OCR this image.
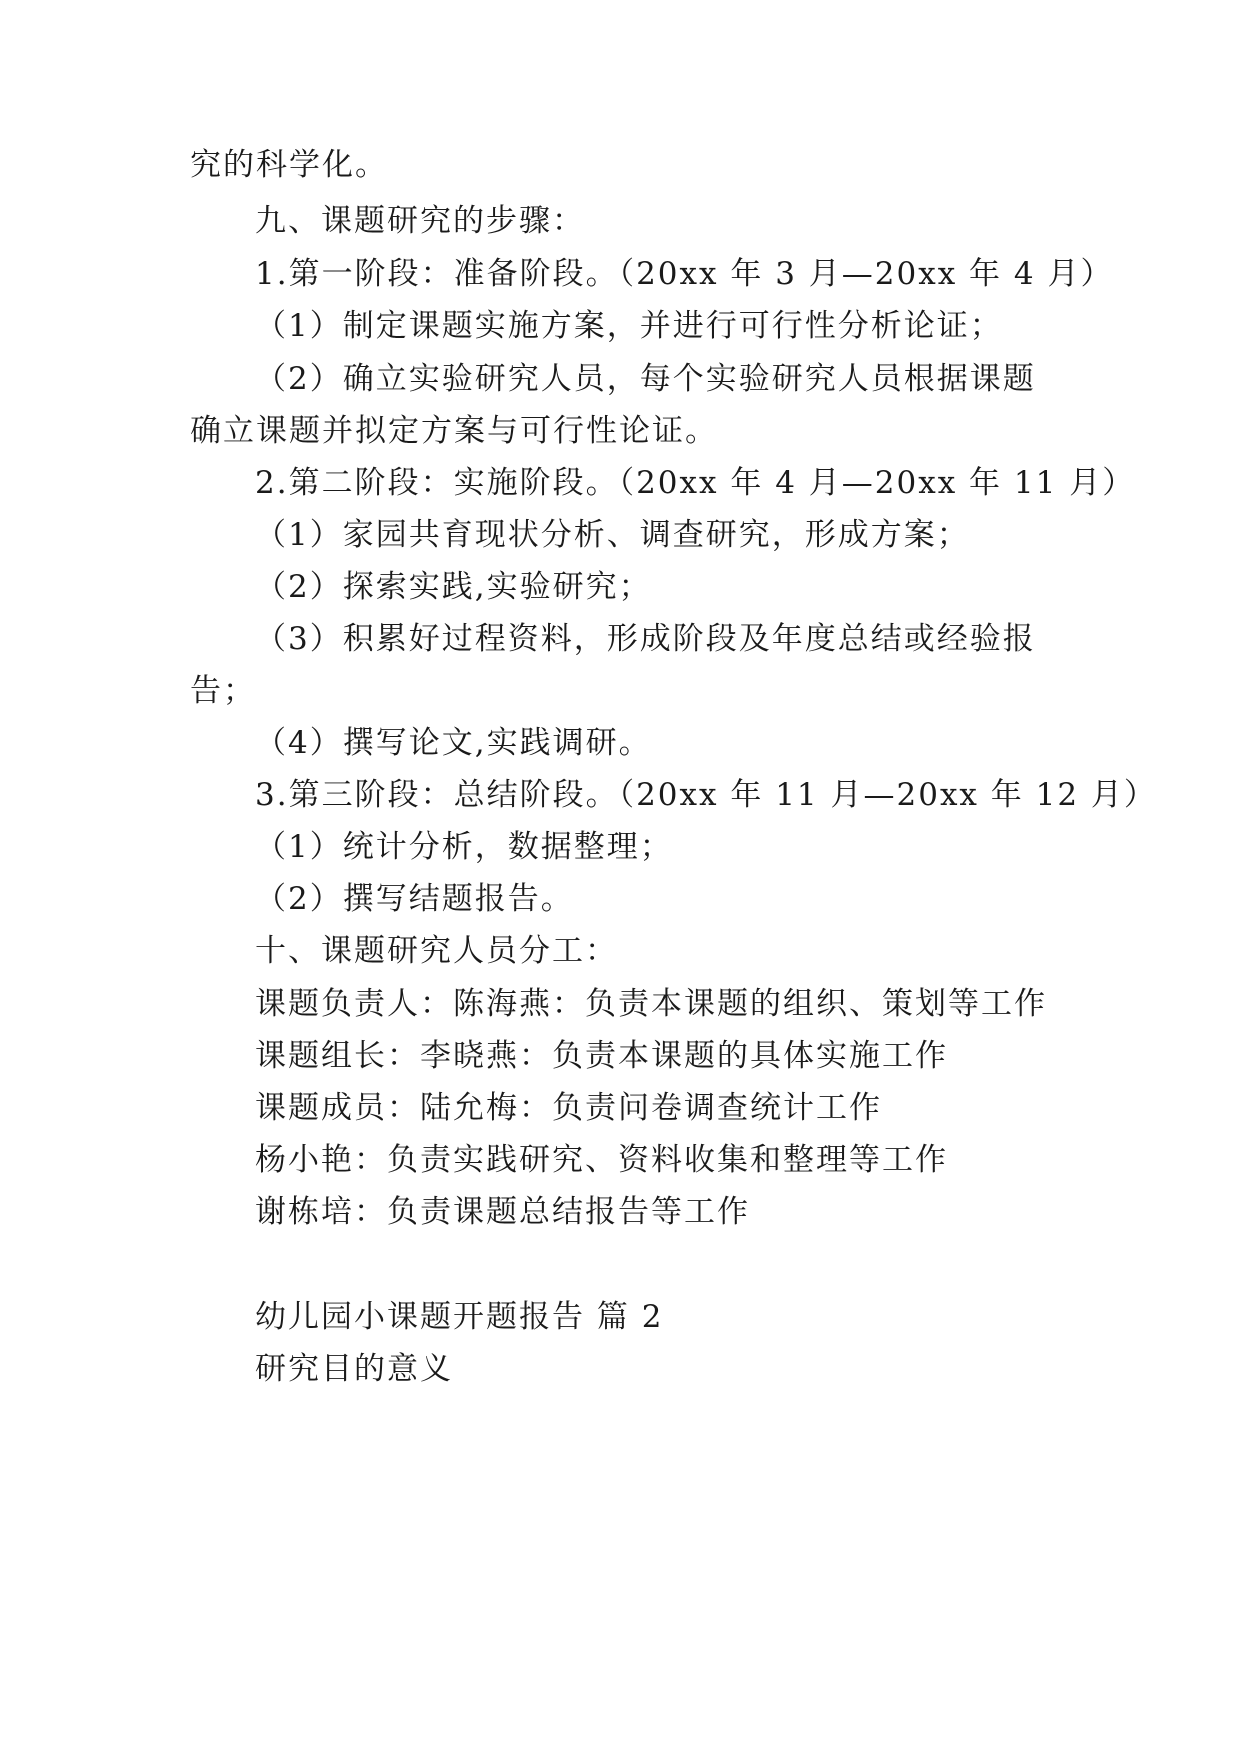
究的科学化。
九、课题研究的步骤：
1.第一阶段：准备阶段。（20xx 年 3 月—20xx 年 4 月）
（1）制定课题实施方案，并进行可行性分析论证；
（2）确立实验研究人员，每个实验研究人员根据课题
确立课题并拟定方案与可行性论证。
2.第二阶段：实施阶段。（20xx 年 4 月—20xx 年 11 月）
（1）家园共育现状分析、调查研究，形成方案；
（2）探索实践,实验研究；
（3）积累好过程资料，形成阶段及年度总结或经验报
告；
（4）撰写论文,实践调研。
3.第三阶段：总结阶段。（20xx 年 11 月—20xx 年 12 月）
（1）统计分析，数据整理；
（2）撰写结题报告。
十、课题研究人员分工：
课题负责人：陈海燕：负责本课题的组织、策划等工作
课题组长：李晓燕：负责本课题的具体实施工作
课题成员：陆允梅：负责问卷调查统计工作
杨小艳：负责实践研究、资料收集和整理等工作
谢栋培：负责课题总结报告等工作
幼儿园小课题开题报告 篇 2
研究目的意义
